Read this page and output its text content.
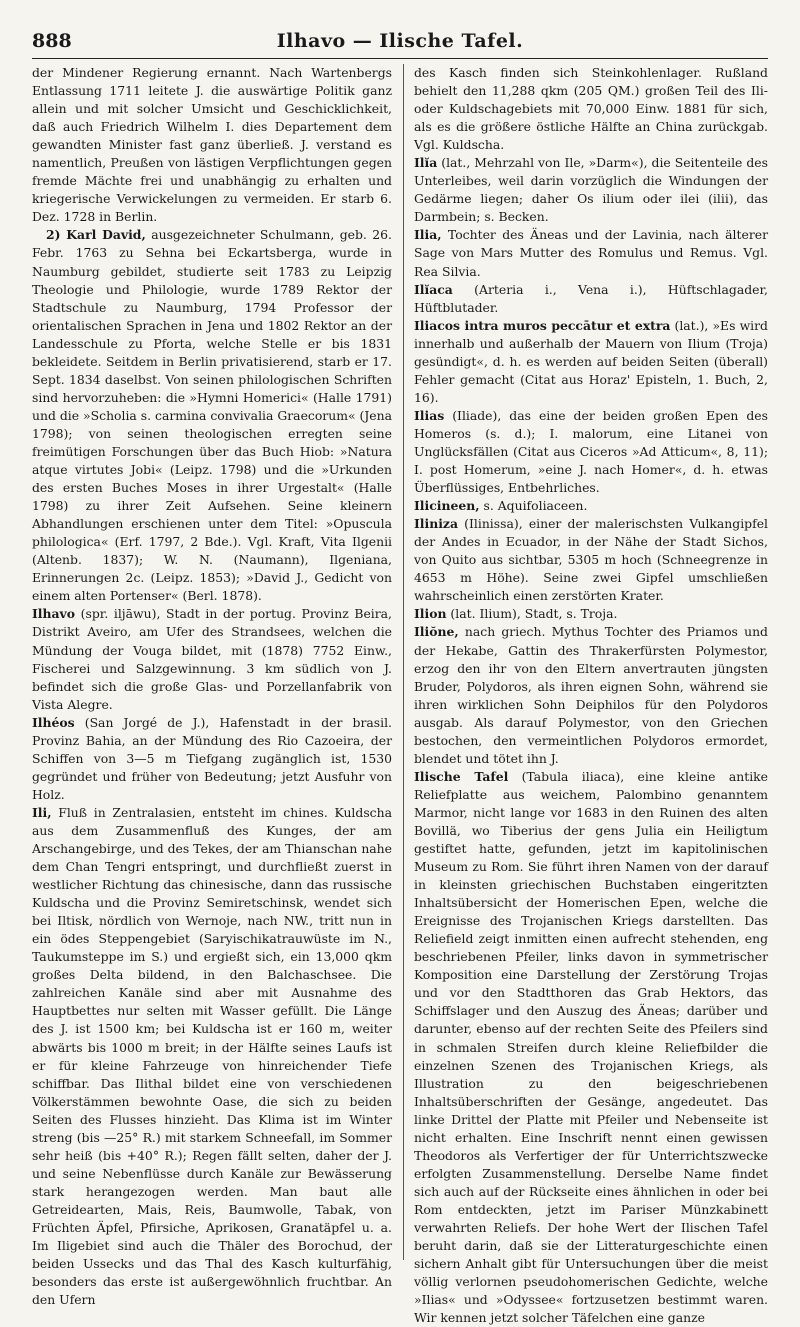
888	Ilhavo — Ilische Tafel.

der Mindener Regierung ernannt. Nach Wartenbergs Entlassung 1711 leitete J. die auswärtige Politik ganz allein und mit solcher Umsicht und Geschicklichkeit, daß auch Friedrich Wilhelm I. dies Departement dem gewandten Minister fast ganz überließ. J. verstand es namentlich, Preußen von lästigen Verpflichtungen gegen fremde Mächte frei und unabhängig zu erhalten und kriegerische Verwickelungen zu vermeiden. Er starb 6. Dez. 1728 in Berlin.

2) Karl David, ausgezeichneter Schulmann, geb. 26. Febr. 1763 zu Sehna bei Eckartsberga, wurde in Naumburg gebildet, studierte seit 1783 zu Leipzig Theologie und Philologie, wurde 1789 Rektor der Stadtschule zu Naumburg, 1794 Professor der orientalischen Sprachen in Jena und 1802 Rektor an der Landesschule zu Pforta, welche Stelle er bis 1831 bekleidete. Seitdem in Berlin privatisierend, starb er 17. Sept. 1834 daselbst. Von seinen philologischen Schriften sind hervorzuheben: die »Hymni Homerici« (Halle 1791) und die »Scholia s. carmina convivalia Graecorum« (Jena 1798); von seinen theologischen erregten seine freimütigen Forschungen über das Buch Hiob: »Natura atque virtutes Jobi« (Leipz. 1798) und die »Urkunden des ersten Buches Moses in ihrer Urgestalt« (Halle 1798) zu ihrer Zeit Aufsehen. Seine kleinern Abhandlungen erschienen unter dem Titel: »Opuscula philologica« (Erf. 1797, 2 Bde.). Vgl. Kraft, Vita Ilgenii (Altenb. 1837); W. N. (Naumann), Ilgeniana, Erinnerungen 2c. (Leipz. 1853); »David J., Gedicht von einem alten Portenser« (Berl. 1878).

Ilhavo (spr. iljāwu), Stadt in der portug. Provinz Beira, Distrikt Aveiro, am Ufer des Strandsees, welchen die Mündung der Vouga bildet, mit (1878) 7752 Einw., Fischerei und Salzgewinnung. 3 km südlich von J. befindet sich die große Glas- und Porzellanfabrik von Vista Alegre.

Ilhéos (San Jorgé de J.), Hafenstadt in der brasil. Provinz Bahia, an der Mündung des Rio Cazoeira, der Schiffen von 3—5 m Tiefgang zugänglich ist, 1530 gegründet und früher von Bedeutung; jetzt Ausfuhr von Holz.

Ili, Fluß in Zentralasien, entsteht im chines. Kuldscha aus dem Zusammenfluß des Kunges, der am Arschangebirge, und des Tekes, der am Thianschan nahe dem Chan Tengri entspringt, und durchfließt zuerst in westlicher Richtung das chinesische, dann das russische Kuldscha und die Provinz Semiretschinsk, wendet sich bei Iltisk, nördlich von Wernoje, nach NW., tritt nun in ein ödes Steppengebiet (Saryischikatrauwüste im N., Taukumsteppe im S.) und ergießt sich, ein 13,000 qkm großes Delta bildend, in den Balchaschsee. Die zahlreichen Kanäle sind aber mit Ausnahme des Hauptbettes nur selten mit Wasser gefüllt. Die Länge des J. ist 1500 km; bei Kuldscha ist er 160 m, weiter abwärts bis 1000 m breit; in der Hälfte seines Laufs ist er für kleine Fahrzeuge von hinreichender Tiefe schiffbar. Das Ilithal bildet eine von verschiedenen Völkerstämmen bewohnte Oase, die sich zu beiden Seiten des Flusses hinzieht. Das Klima ist im Winter streng (bis —25° R.) mit starkem Schneefall, im Sommer sehr heiß (bis +40° R.); Regen fällt selten, daher der J. und seine Nebenflüsse durch Kanäle zur Bewässerung stark herangezogen werden. Man baut alle Getreidearten, Mais, Reis, Baumwolle, Tabak, von Früchten Äpfel, Pfirsiche, Aprikosen, Granatäpfel u. a. Im Iligebiet sind auch die Thäler des Borochud, der beiden Ussecks und das Thal des Kasch kulturfähig, besonders das erste ist außergewöhnlich fruchtbar. An den Ufern

des Kasch finden sich Steinkohlenlager. Rußland behielt den 11,288 qkm (205 QM.) großen Teil des Ili- oder Kuldschagebiets mit 70,000 Einw. 1881 für sich, als es die größere östliche Hälfte an China zurückgab. Vgl. Kuldscha.

Ilĭa (lat., Mehrzahl von Ile, »Darm«), die Seitenteile des Unterleibes, weil darin vorzüglich die Windungen der Gedärme liegen; daher Os ilium oder ilei (ilii), das Darmbein; s. Becken.

Ilia, Tochter des Äneas und der Lavinia, nach älterer Sage von Mars Mutter des Romulus und Remus. Vgl. Rea Silvia.

Ilĭaca (Arteria i., Vena i.), Hüftschlagader, Hüftblutader.

Iliacos intra muros peccātur et extra (lat.), »Es wird innerhalb und außerhalb der Mauern von Ilium (Troja) gesündigt«, d. h. es werden auf beiden Seiten (überall) Fehler gemacht (Citat aus Horaz' Episteln, 1. Buch, 2, 16).

Ilias (Iliade), das eine der beiden großen Epen des Homeros (s. d.); I. malorum, eine Litanei von Unglücksfällen (Citat aus Ciceros »Ad Atticum«, 8, 11); I. post Homerum, »eine J. nach Homer«, d. h. etwas Überflüssiges, Entbehrliches.

Ilicineen, s. Aquifoliaceen.

Iliniza (Ilinissa), einer der malerischsten Vulkangipfel der Andes in Ecuador, in der Nähe der Stadt Sichos, von Quito aus sichtbar, 5305 m hoch (Schneegrenze in 4653 m Höhe). Seine zwei Gipfel umschließen wahrscheinlich einen zerstörten Krater.

Ilion (lat. Ilium), Stadt, s. Troja.

Iliŏne, nach griech. Mythus Tochter des Priamos und der Hekabe, Gattin des Thrakerfürsten Polymestor, erzog den ihr von den Eltern anvertrauten jüngsten Bruder, Polydoros, als ihren eignen Sohn, während sie ihren wirklichen Sohn Deiphilos für den Polydoros ausgab. Als darauf Polymestor, von den Griechen bestochen, den vermeintlichen Polydoros ermordet, blendet und tötet ihn J.

Ilische Tafel (Tabula iliaca), eine kleine antike Reliefplatte aus weichem, Palombino genanntem Marmor, nicht lange vor 1683 in den Ruinen des alten Bovillä, wo Tiberius der gens Julia ein Heiligtum gestiftet hatte, gefunden, jetzt im kapitolinischen Museum zu Rom. Sie führt ihren Namen von der darauf in kleinsten griechischen Buchstaben eingeritzten Inhaltsübersicht der Homerischen Epen, welche die Ereignisse des Trojanischen Kriegs darstellten. Das Reliefield zeigt inmitten einen aufrecht stehenden, eng beschriebenen Pfeiler, links davon in symmetrischer Komposition eine Darstellung der Zerstörung Trojas und vor den Stadtthoren das Grab Hektors, das Schiffslager und den Auszug des Äneas; darüber und darunter, ebenso auf der rechten Seite des Pfeilers sind in schmalen Streifen durch kleine Reliefbilder die einzelnen Szenen des Trojanischen Kriegs, als Illustration zu den beigeschriebenen Inhaltsüberschriften der Gesänge, angedeutet. Das linke Drittel der Platte mit Pfeiler und Nebenseite ist nicht erhalten. Eine Inschrift nennt einen gewissen Theodoros als Verfertiger der für Unterrichtszwecke erfolgten Zusammenstellung. Derselbe Name findet sich auch auf der Rückseite eines ähnlichen in oder bei Rom entdeckten, jetzt im Pariser Münzkabinett verwahrten Reliefs. Der hohe Wert der Ilischen Tafel beruht darin, daß sie der Litteraturgeschichte einen sichern Anhalt gibt für Untersuchungen über die meist völlig verlornen pseudohomerischen Gedichte, welche »Ilias« und »Odyssee« fortzusetzen bestimmt waren. Wir kennen jetzt solcher Täfelchen eine ganze
